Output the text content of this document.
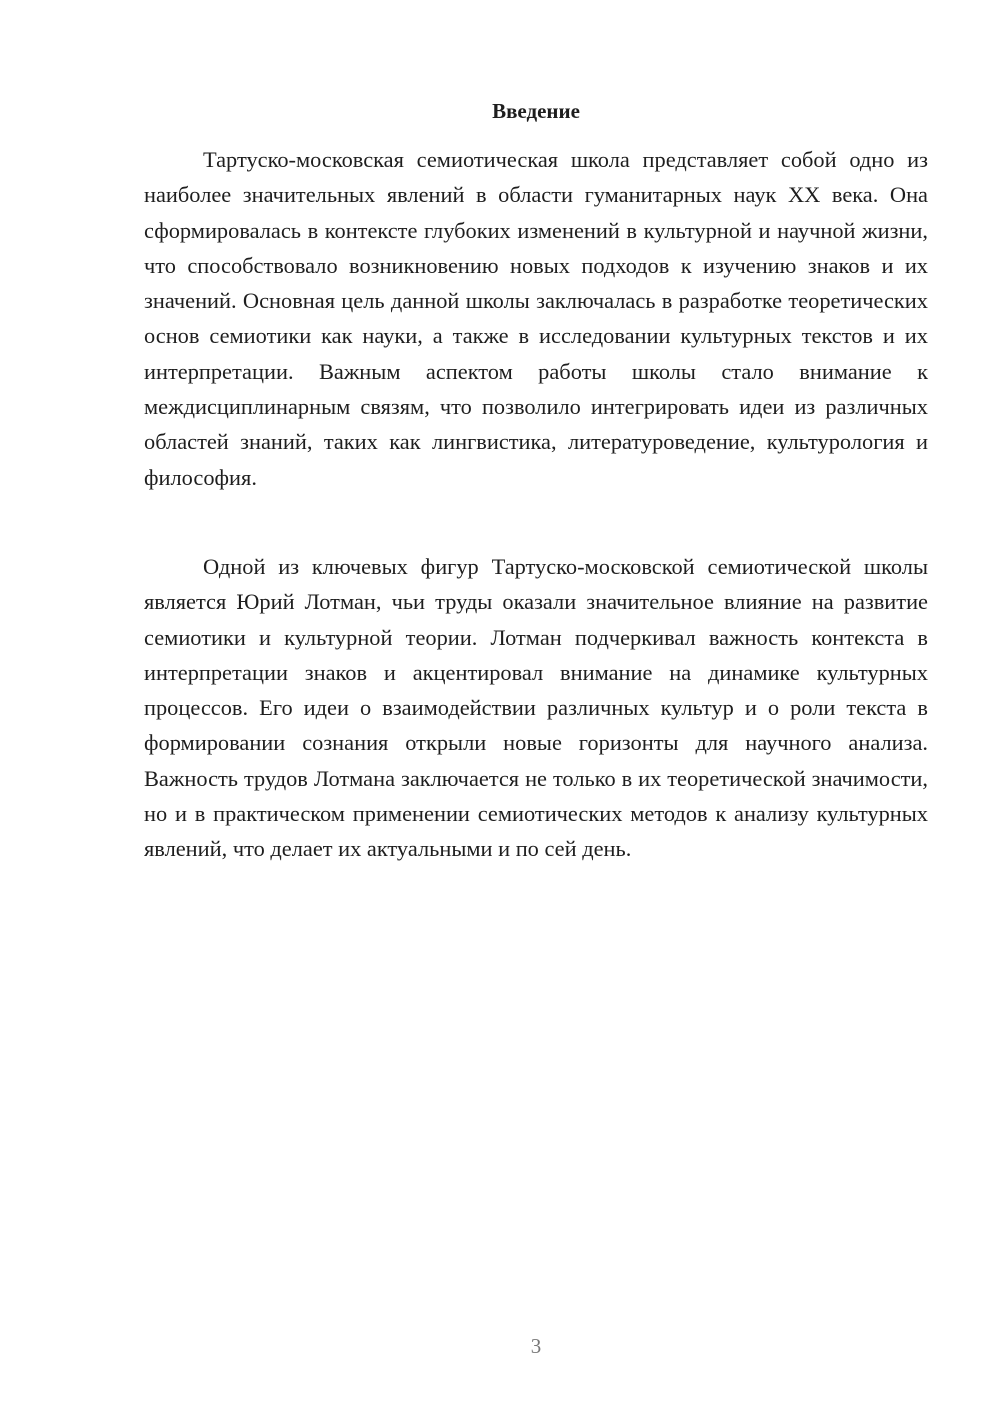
Введение

Тартуско-московская семиотическая школа представляет собой одно из наиболее значительных явлений в области гуманитарных наук XX века. Она сформировалась в контексте глубоких изменений в культурной и научной жизни, что способствовало возникновению новых подходов к изучению знаков и их значений. Основная цель данной школы заключалась в разработке теоретических основ семиотики как науки, а также в исследовании культурных текстов и их интерпретации. Важным аспектом работы школы стало внимание к междисциплинарным связям, что позволило интегрировать идеи из различных областей знаний, таких как лингвистика, литературоведение, культурология и философия.

Одной из ключевых фигур Тартуско-московской семиотической школы является Юрий Лотман, чьи труды оказали значительное влияние на развитие семиотики и культурной теории. Лотман подчеркивал важность контекста в интерпретации знаков и акцентировал внимание на динамике культурных процессов. Его идеи о взаимодействии различных культур и о роли текста в формировании сознания открыли новые горизонты для научного анализа. Важность трудов Лотмана заключается не только в их теоретической значимости, но и в практическом применении семиотических методов к анализу культурных явлений, что делает их актуальными и по сей день.

3
